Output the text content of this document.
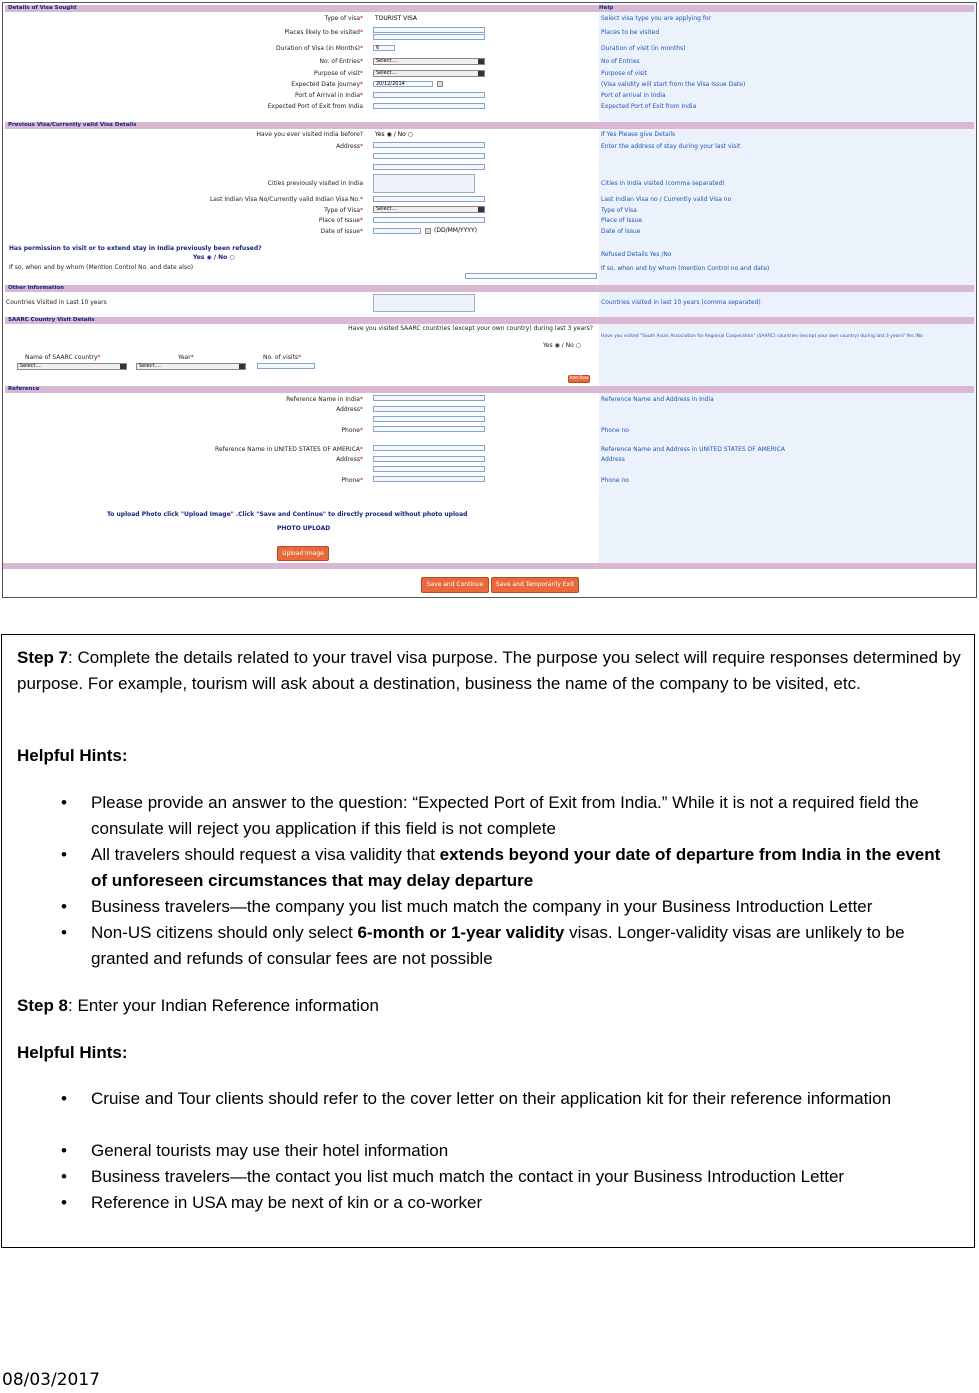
Details of Visa Sought	Help
Type of visa* TOURIST VISA	Select visa type you are applying for
Places likely to be visited*	Places to be visited
Duration of Visa (in Months)*	6	Duration of visit (in months)
No. of Entries*	Select....	No of Entries
Purpose of visit*	Select....	Purpose of visit
Expected Date journey*	20/12/2014	(Visa validity will start from the Visa Issue Date)
Port of Arrival in India*	Port of arrival in India
Expected Port of Exit from India	Expected Port of Exit from India
Previous Visa/Currently valid Visa Details
Have you ever visited India before? Yes ◉ / No ○	If Yes Please give Details
Address*	Enter the address of stay during your last visit
Cities previously visited in India	Cities in India visited (comma separated)
Last Indian Visa No/Currently valid Indian Visa No.*	Last Indian Visa no / Currently valid Visa no
Type of Visa*	Select....	Type of Visa
Place of Issue*	Place of Issue
Date of Issue*	(DD/MM/YYYY)	Date of Issue
Has permission to visit or to extend stay in India previously been refused?
Yes ◉ / No ○	Refused Details Yes /No
If so, when and by whom (Mention Control No. and date also)	If so, when and by whom (mention Control no and date)
Other Information
Countries Visited in Last 10 years	Countries visited in last 10 years (comma separated)
SAARC Country Visit Details
Have you visited SAARC countries (except your own country) during last 3 years?
Have you visited "South Asian Association for Regional Cooperation" (SAARC) countries (except your own country) during last 3 years? Yes /No
Yes ◉ / No ○
Name of SAARC country*	Year*	No. of visits*
Select....	Select....
Add Row
Reference
Reference Name in India*	Reference Name and Address in India
Address*
Phone*	Phone no
Reference Name in UNITED STATES OF AMERICA*	Reference Name and Address in UNITED STATES OF AMERICA
Address*	Address
Phone*	Phone no
To upload Photo click "Upload Image" .Click "Save and Continue" to directly proceed without photo upload
PHOTO UPLOAD
Upload Image
Save and Continue	Save and Temporarily Exit
Step 7: Complete the details related to your travel visa purpose. The purpose you select will require responses determined by purpose. For example, tourism will ask about a destination, business the name of the company to be visited, etc.
Helpful Hints:
• Please provide an answer to the question: “Expected Port of Exit from India.” While it is not a required field the consulate will reject you application if this field is not complete
• All travelers should request a visa validity that extends beyond your date of departure from India in the event of unforeseen circumstances that may delay departure
• Business travelers—the company you list much match the company in your Business Introduction Letter
• Non-US citizens should only select 6-month or 1-year validity visas. Longer-validity visas are unlikely to be granted and refunds of consular fees are not possible
Step 8: Enter your Indian Reference information
Helpful Hints:
• Cruise and Tour clients should refer to the cover letter on their application kit for their reference information
• General tourists may use their hotel information
• Business travelers—the contact you list much match the contact in your Business Introduction Letter
• Reference in USA may be next of kin or a co-worker
08/03/2017
